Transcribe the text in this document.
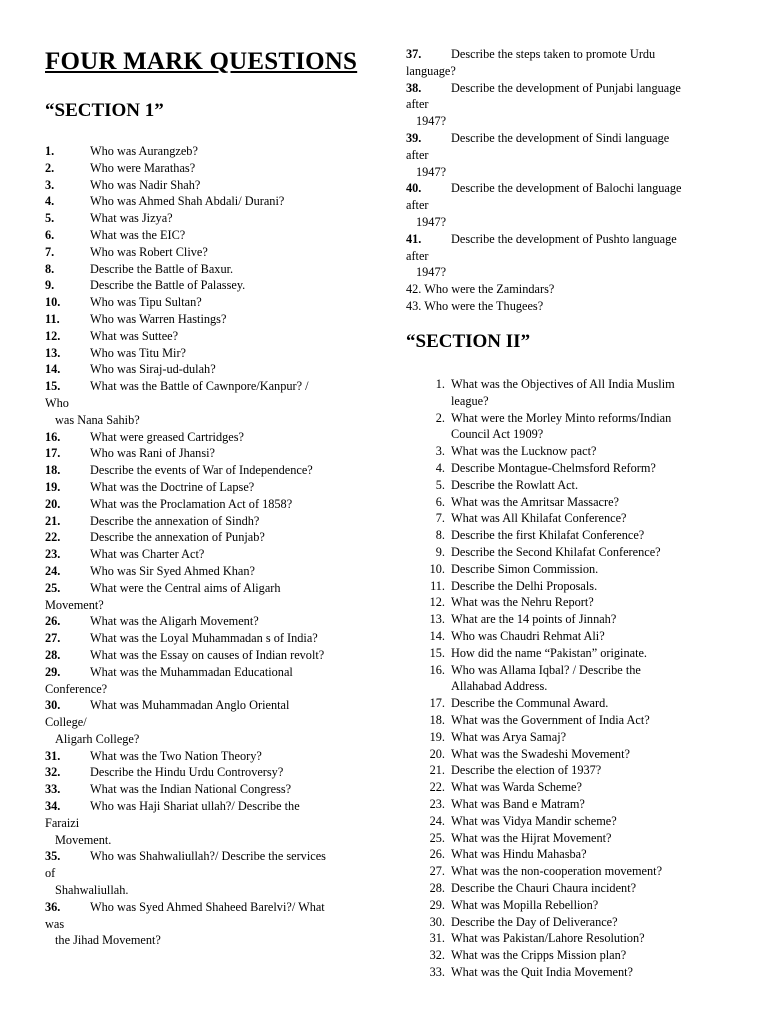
FOUR MARK QUESTIONS
“SECTION 1”
1.	Who was Aurangzeb?
2.	Who were Marathas?
3.	Who was Nadir Shah?
4.	Who was Ahmed Shah Abdali/ Durani?
5.	What was Jizya?
6.	What was the EIC?
7.	Who was Robert Clive?
8.	Describe the Battle of Baxur.
9.	Describe the Battle of Palassey.
10. Who was Tipu Sultan?
11. Who was Warren Hastings?
12. What was Suttee?
13. Who was Titu Mir?
14. Who was Siraj-ud-dulah?
15. What was the Battle of Cawnpore/Kanpur? /
Who
was Nana Sahib?
16. What were greased Cartridges?
17. Who was Rani of Jhansi?
18. Describe the events of War of Independence?
19. What was the Doctrine of Lapse?
20. What was the Proclamation Act of 1858?
21. Describe the annexation of Sindh?
22. Describe the annexation of Punjab?
23. What was Charter Act?
24. Who was Sir Syed Ahmed Khan?
25. What were the Central aims of Aligarh
Movement?
26. What was the Aligarh Movement?
27. What was the Loyal Muhammadan s of India?
28. What was the Essay on causes of Indian revolt?
29. What was the Muhammadan Educational
Conference?
30. What was Muhammadan Anglo Oriental
College/
Aligarh College?
31. What was the Two Nation Theory?
32. Describe the Hindu Urdu Controversy?
33. What was the Indian National Congress?
34. Who was Haji Shariat ullah?/ Describe the
Faraizi
Movement.
35. Who was Shahwaliullah?/ Describe the services
of
Shahwaliullah.
36. Who was Syed Ahmed Shaheed Barelvi?/ What
was
the Jihad Movement?
37. Describe the steps taken to promote Urdu
language?
38. Describe the development of Punjabi language
after
1947?
39. Describe the development of Sindi language
after
1947?
40. Describe the development of Balochi language
after
1947?
41. Describe the development of Pushto language
after
1947?
42. Who were the Zamindars?
43. Who were the Thugees?
“SECTION II”
1. What was the Objectives of All India Muslim
league?
2. What were the Morley Minto reforms/Indian
Council Act 1909?
3. What was the Lucknow pact?
4. Describe Montague-Chelmsford Reform?
5. Describe the Rowlatt Act.
6. What was the Amritsar Massacre?
7. What was All Khilafat Conference?
8. Describe the first Khilafat Conference?
9. Describe the Second Khilafat Conference?
10. Describe Simon Commission.
11. Describe the Delhi Proposals.
12. What was the Nehru Report?
13. What are the 14 points of Jinnah?
14. Who was Chaudri Rehmat Ali?
15. How did the name “Pakistan” originate.
16. Who was Allama Iqbal? / Describe the
Allahabad Address.
17. Describe the Communal Award.
18. What was the Government of India Act?
19. What was Arya Samaj?
20. What was the Swadeshi Movement?
21. Describe the election of 1937?
22. What was Warda Scheme?
23. What was Band e Matram?
24. What was Vidya Mandir scheme?
25. What was the Hijrat Movement?
26. What was Hindu Mahasba?
27. What was the non-cooperation movement?
28. Describe the Chauri Chaura incident?
29. What was Mopilla Rebellion?
30. Describe the Day of Deliverance?
31. What was Pakistan/Lahore Resolution?
32. What was the Cripps Mission plan?
33. What was the Quit India Movement?
